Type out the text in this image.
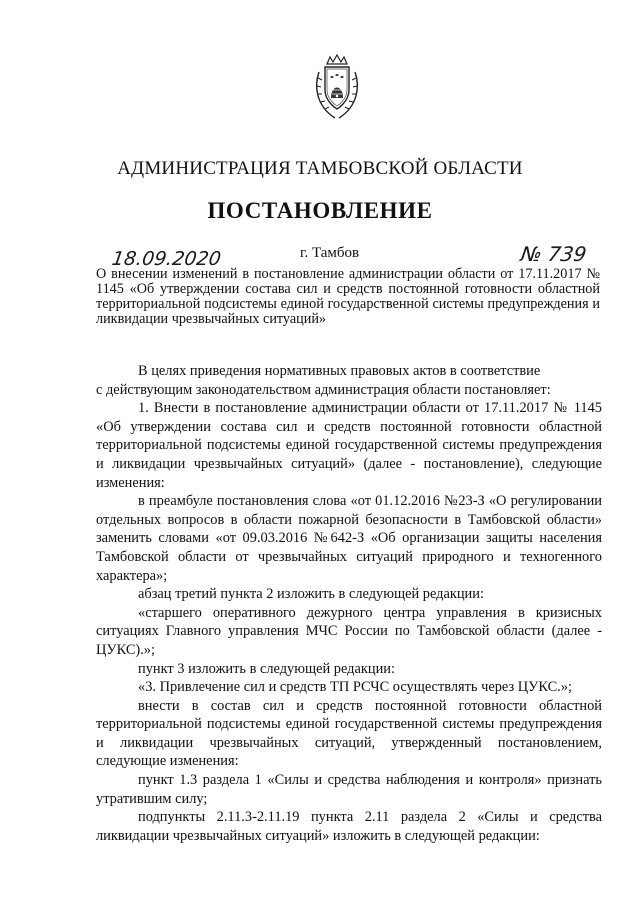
АДМИНИСТРАЦИЯ ТАМБОВСКОЙ ОБЛАСТИ
ПОСТАНОВЛЕНИЕ
18.09.2020	г. Тамбов	№ 739
О внесении изменений в постановление администрации области от 17.11.2017 № 1145 «Об утверждении состава сил и средств постоянной готовности областной территориальной подсистемы единой государственной системы предупреждения и ликвидации чрезвычайных ситуаций»

В целях приведения нормативных правовых актов в соответствие

с действующим законодательством администрация области постановляет:

1. Внести в постановление администрации области от 17.11.2017 № 1145 «Об утверждении состава сил и средств постоянной готовности областной территориальной подсистемы единой государственной системы предупреждения и ликвидации чрезвычайных ситуаций» (далее - постановление), следующие изменения:

в преамбуле постановления слова «от 01.12.2016 №23-З «О регулировании отдельных вопросов в области пожарной безопасности в Тамбовской области» заменить словами «от 09.03.2016 №642-З «Об организации защиты населения Тамбовской области от чрезвычайных ситуаций природного и техногенного характера»;

абзац третий пункта 2 изложить в следующей редакции:

«старшего оперативного дежурного центра управления в кризисных ситуациях Главного управления МЧС России по Тамбовской области (далее - ЦУКС).»;

пункт 3 изложить в следующей редакции:

«3. Привлечение сил и средств ТП РСЧС осуществлять через ЦУКС.»;

внести в состав сил и средств постоянной готовности областной территориальной подсистемы единой государственной системы предупреждения и ликвидации чрезвычайных ситуаций, утвержденный постановлением, следующие изменения:

пункт 1.3 раздела 1 «Силы и средства наблюдения и контроля» признать утратившим силу;

подпункты 2.11.3-2.11.19 пункта 2.11 раздела 2 «Силы и средства ликвидации чрезвычайных ситуаций» изложить в следующей редакции:
